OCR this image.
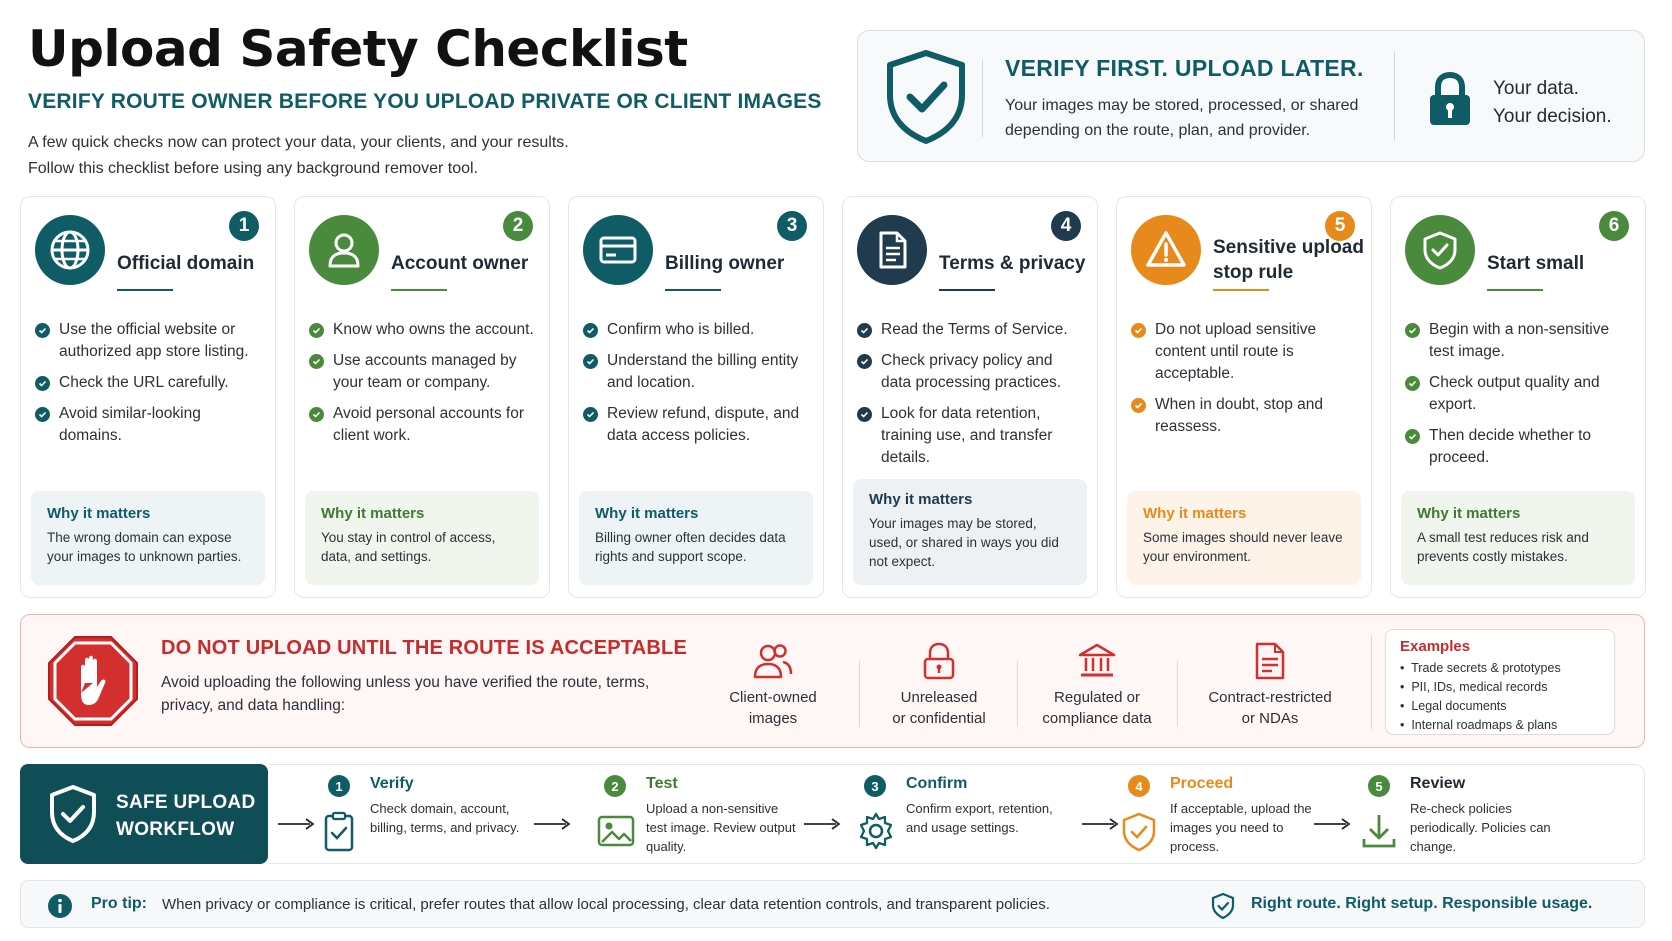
Upload Safety Checklist
VERIFY ROUTE OWNER BEFORE YOU UPLOAD PRIVATE OR CLIENT IMAGES
A few quick checks now can protect your data, your clients, and your results.
Follow this checklist before using any background remover tool.
VERIFY FIRST. UPLOAD LATER.
Your images may be stored, processed, or shared depending on the route, plan, and provider.
Your data.
Your decision.
1
Official domain
Use the official website or authorized app store listing.
Check the URL carefully.
Avoid similar-looking domains.
Why it matters
The wrong domain can expose your images to unknown parties.
2
Account owner
Know who owns the account.
Use accounts managed by your team or company.
Avoid personal accounts for client work.
Why it matters
You stay in control of access, data, and settings.
3
Billing owner
Confirm who is billed.
Understand the billing entity and location.
Review refund, dispute, and data access policies.
Why it matters
Billing owner often decides data rights and support scope.
4
Terms & privacy
Read the Terms of Service.
Check privacy policy and data processing practices.
Look for data retention, training use, and transfer details.
Why it matters
Your images may be stored, used, or shared in ways you did not expect.
5
Sensitive upload
stop rule
Do not upload sensitive content until route is acceptable.
When in doubt, stop and reassess.
Why it matters
Some images should never leave your environment.
6
Start small
Begin with a non-sensitive test image.
Check output quality and export.
Then decide whether to proceed.
Why it matters
A small test reduces risk and prevents costly mistakes.
DO NOT UPLOAD UNTIL THE ROUTE IS ACCEPTABLE
Avoid uploading the following unless you have verified the route, terms, privacy, and data handling:	Client-owned
images
Unreleased
or confidential
Regulated or
compliance data
Contract-restricted
or NDAs
Examples
•  Trade secrets & prototypes
•  PII, IDs, medical records
•  Legal documents
•  Internal roadmaps & plans
SAFE UPLOAD
WORKFLOW
1	Verify
Check domain, account, billing, terms, and privacy.
2	Test
Upload a non-sensitive test image. Review output quality.
3	Confirm
Confirm export, retention, and usage settings.
4	Proceed
If acceptable, upload the images you need to process.
5	Review
Re-check policies periodically. Policies can change.
Pro tip: When privacy or compliance is critical, prefer routes that allow local processing, clear data retention controls, and transparent policies.	Right route. Right setup. Responsible usage.
